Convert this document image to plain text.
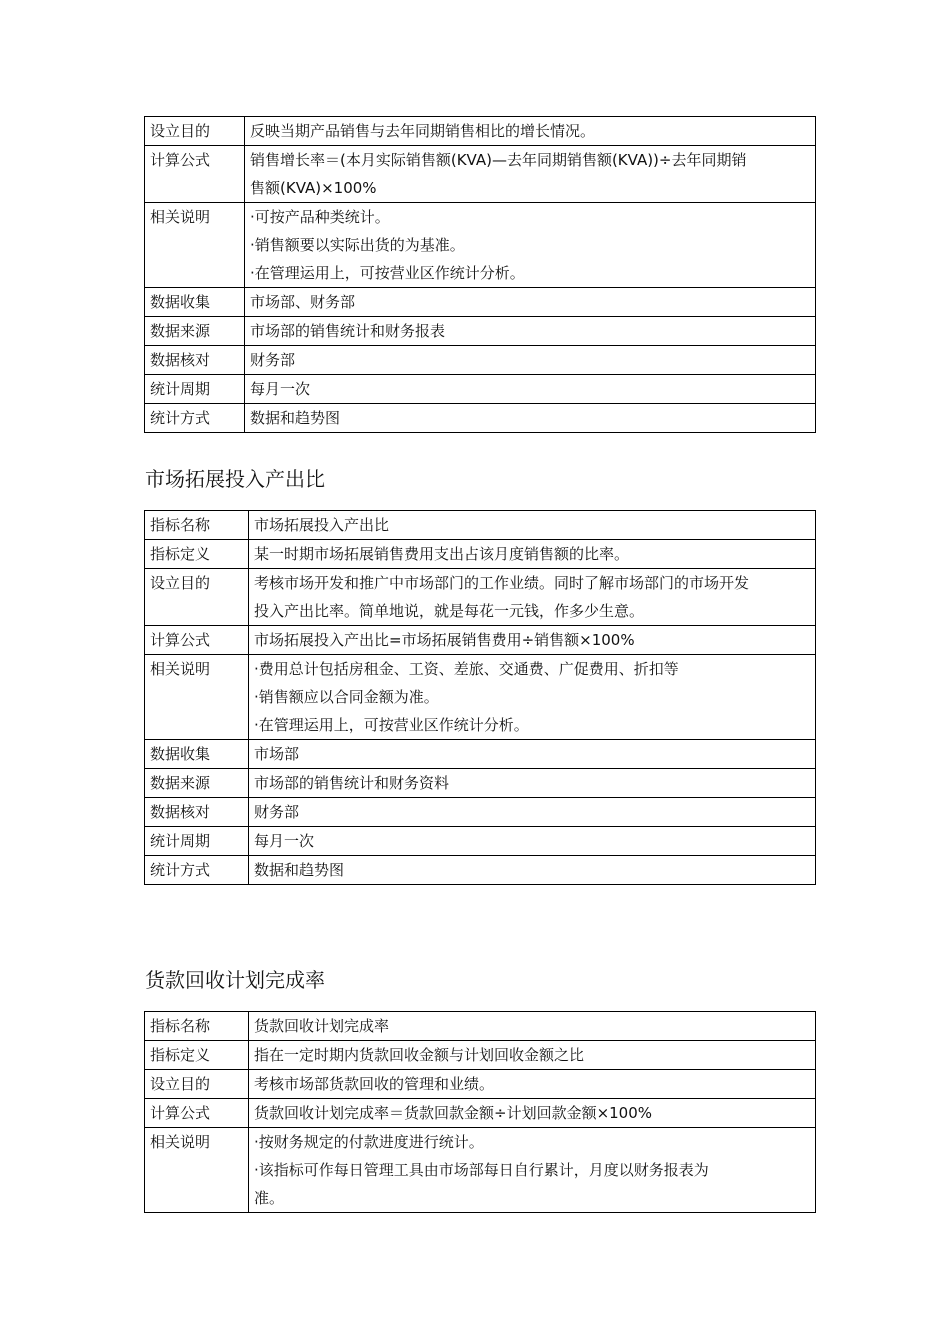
设立目的	反映当期产品销售与去年同期销售相比的增长情况。

计算公式	销售增长率＝(本月实际销售额(KVA)—去年同期销售额(KVA))÷去年同期销
售额(KVA)×100%

相关说明	·可按产品种类统计。
·销售额要以实际出货的为基准。
·在管理运用上，可按营业区作统计分析。

数据收集	市场部、财务部

数据来源	市场部的销售统计和财务报表

数据核对	财务部

统计周期	每月一次

统计方式	数据和趋势图
市场拓展投入产出比
指标名称	市场拓展投入产出比

指标定义	某一时期市场拓展销售费用支出占该月度销售额的比率。

设立目的	考核市场开发和推广中市场部门的工作业绩。同时了解市场部门的市场开发
投入产出比率。简单地说，就是每花一元钱，作多少生意。

计算公式	市场拓展投入产出比=市场拓展销售费用÷销售额×100%

相关说明	·费用总计包括房租金、工资、差旅、交通费、广促费用、折扣等
·销售额应以合同金额为准。
·在管理运用上，可按营业区作统计分析。

数据收集	市场部

数据来源	市场部的销售统计和财务资料

数据核对	财务部

统计周期	每月一次

统计方式	数据和趋势图
货款回收计划完成率
指标名称	货款回收计划完成率

指标定义	指在一定时期内货款回收金额与计划回收金额之比

设立目的	考核市场部货款回收的管理和业绩。

计算公式	货款回收计划完成率＝货款回款金额÷计划回款金额×100%

相关说明	·按财务规定的付款进度进行统计。
·该指标可作每日管理工具由市场部每日自行累计，月度以财务报表为
准。
